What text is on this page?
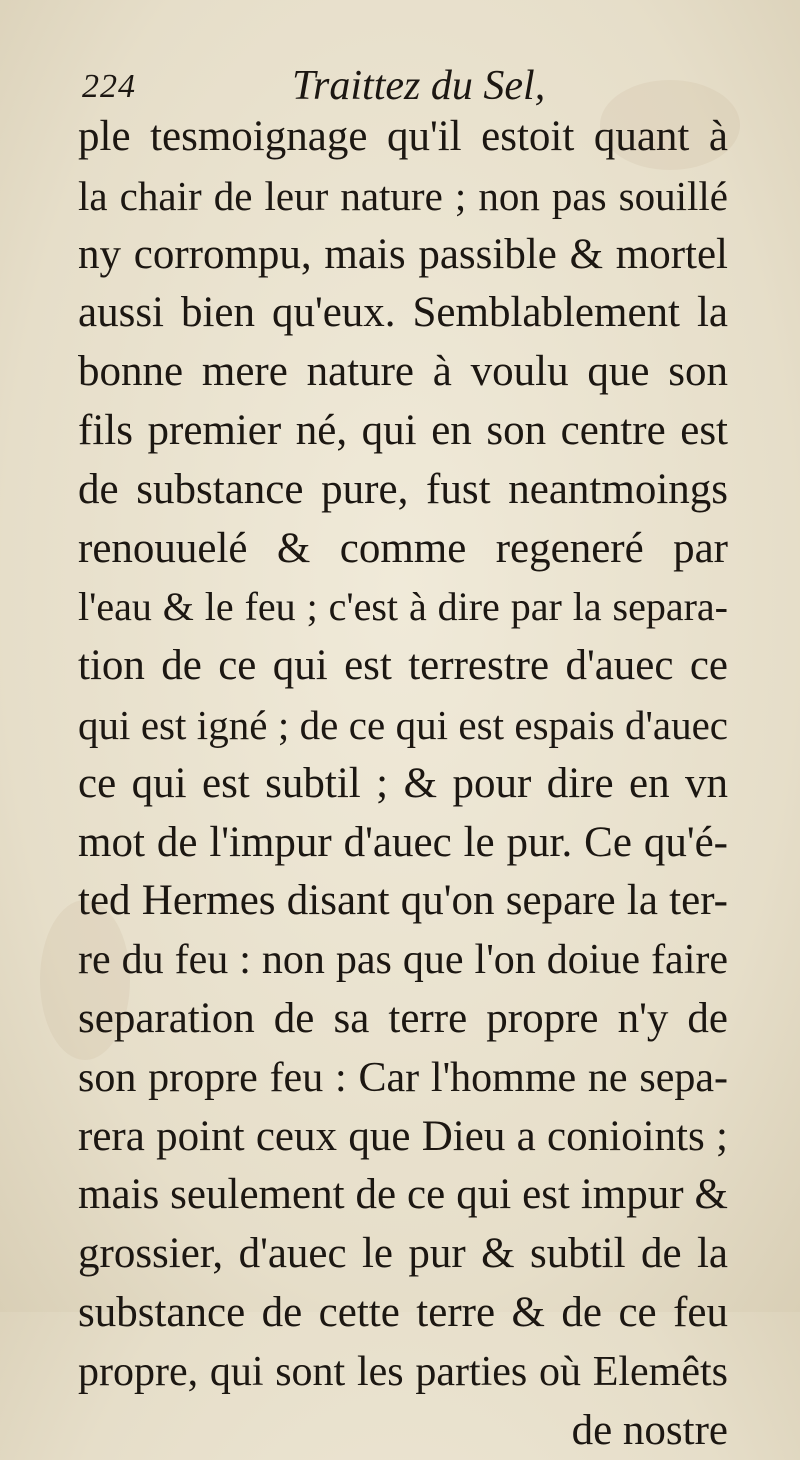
224	Traittez du Sel,
ple tesmoignage qu'il estoit quant à
la chair de leur nature ; non pas souillé
ny corrompu, mais passible & mortel
aussi bien qu'eux. Semblablement la
bonne mere nature à voulu que son
fils premier né, qui en son centre est
de substance pure, fust neantmoings
renouuelé & comme regeneré par
l'eau & le feu ; c'est à dire par la separa-
tion de ce qui est terrestre d'auec ce
qui est igné ; de ce qui est espais d'auec
ce qui est subtil ; & pour dire en vn
mot de l'impur d'auec le pur. Ce qu'é-
ted Hermes disant qu'on separe la ter-
re du feu : non pas que l'on doiue faire
separation de sa terre propre n'y de
son propre feu : Car l'homme ne sepa-
rera point ceux que Dieu a conioints ;
mais seulement de ce qui est impur &
grossier, d'auec le pur & subtil de la
substance de cette terre & de ce feu
propre, qui sont les parties où Elemêts
de nostre
